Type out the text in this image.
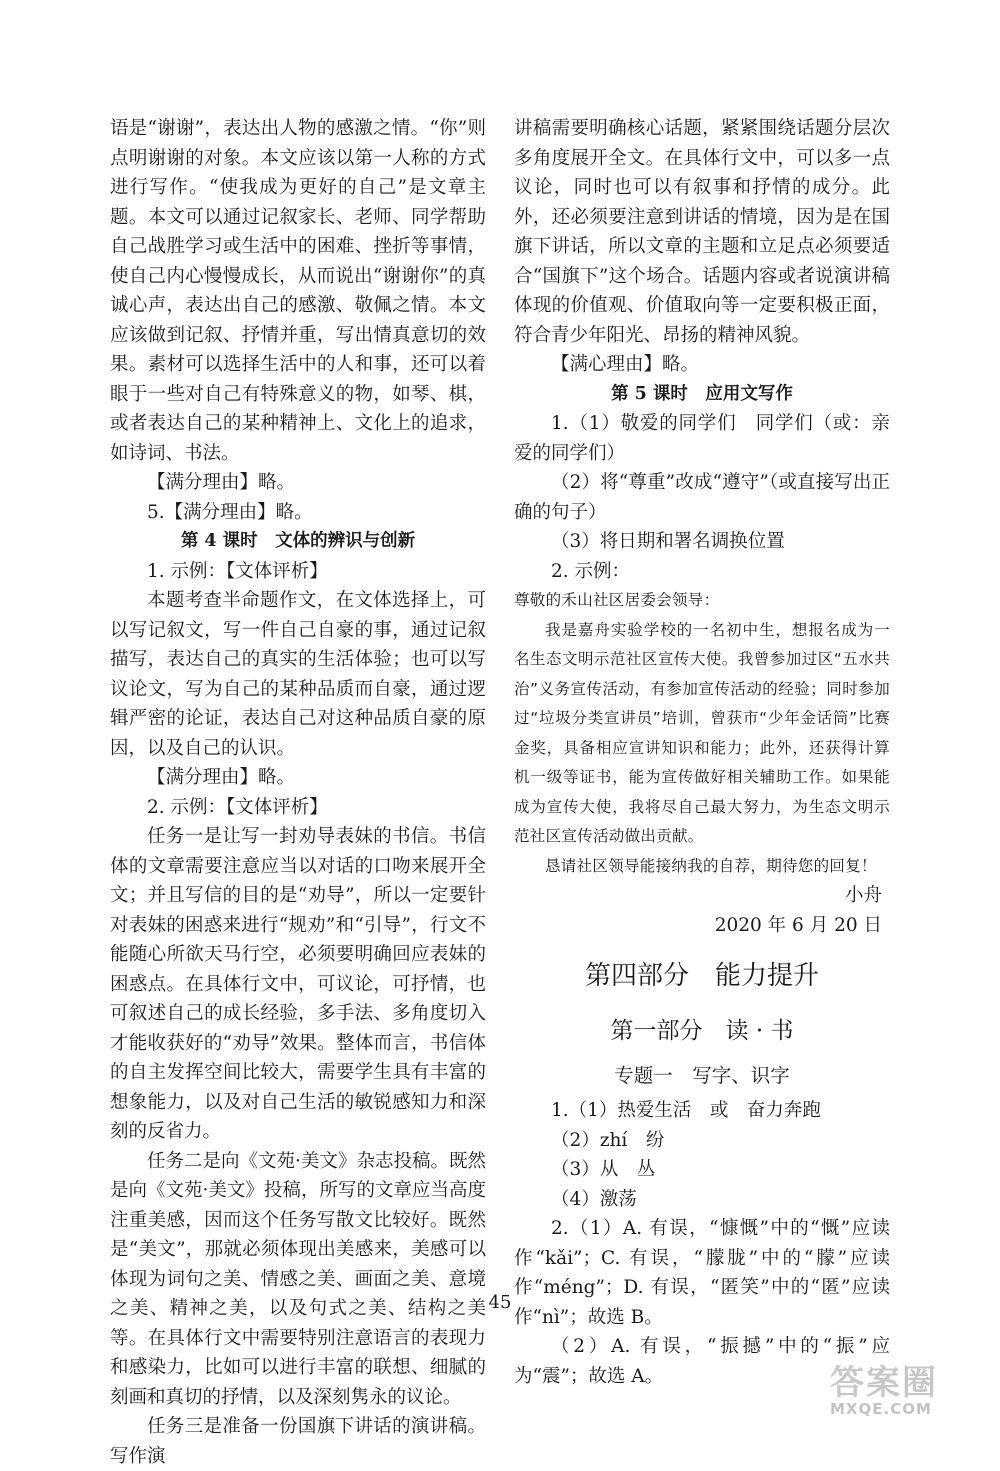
语是“谢谢”，表达出人物的感激之情。“你”则点明谢谢的对象。本文应该以第一人称的方式进行写作。“使我成为更好的自己”是文章主题。本文可以通过记叙家长、老师、同学帮助自己战胜学习或生活中的困难、挫折等事情，使自己内心慢慢成长，从而说出“谢谢你”的真诚心声，表达出自己的感激、敬佩之情。本文应该做到记叙、抒情并重，写出情真意切的效果。素材可以选择生活中的人和事，还可以着眼于一些对自己有特殊意义的物，如琴、棋，或者表达自己的某种精神上、文化上的追求，如诗词、书法。

【满分理由】略。

5.【满分理由】略。

第 4 课时　文体的辨识与创新

1. 示例：【文体评析】

本题考查半命题作文，在文体选择上，可以写记叙文，写一件自己自豪的事，通过记叙描写，表达自己的真实的生活体验；也可以写议论文，写为自己的某种品质而自豪，通过逻辑严密的论证，表达自己对这种品质自豪的原因，以及自己的认识。

【满分理由】略。

2. 示例：【文体评析】

任务一是让写一封劝导表妹的书信。书信体的文章需要注意应当以对话的口吻来展开全文；并且写信的目的是“劝导”，所以一定要针对表妹的困惑来进行“规劝”和“引导”，行文不能随心所欲天马行空，必须要明确回应表妹的困惑点。在具体行文中，可议论，可抒情，也可叙述自己的成长经验，多手法、多角度切入才能收获好的“劝导”效果。整体而言，书信体的自主发挥空间比较大，需要学生具有丰富的想象能力，以及对自己生活的敏锐感知力和深刻的反省力。

任务二是向《文苑·美文》杂志投稿。既然是向《文苑·美文》投稿，所写的文章应当高度注重美感，因而这个任务写散文比较好。既然是“美文”，那就必须体现出美感来，美感可以体现为词句之美、情感之美、画面之美、意境之美、精神之美，以及句式之美、结构之美等。在具体行文中需要特别注意语言的表现力和感染力，比如可以进行丰富的联想、细腻的刻画和真切的抒情，以及深刻隽永的议论。

任务三是准备一份国旗下讲话的演讲稿。写作演

讲稿需要明确核心话题，紧紧围绕话题分层次多角度展开全文。在具体行文中，可以多一点议论，同时也可以有叙事和抒情的成分。此外，还必须要注意到讲话的情境，因为是在国旗下讲话，所以文章的主题和立足点必须要适合“国旗下”这个场合。话题内容或者说演讲稿体现的价值观、价值取向等一定要积极正面，符合青少年阳光、昂扬的精神风貌。

【满心理由】略。

第 5 课时　应用文写作

1.（1）敬爱的同学们　同学们（或：亲爱的同学们）

（2）将“尊重”改成“遵守”（或直接写出正确的句子）

（3）将日期和署名调换位置

2. 示例：

尊敬的禾山社区居委会领导：

我是嘉舟实验学校的一名初中生，想报名成为一名生态文明示范社区宣传大使。我曾参加过区“五水共治”义务宣传活动，有参加宣传活动的经验；同时参加过“垃圾分类宣讲员”培训，曾获市“少年金话筒”比赛金奖，具备相应宣讲知识和能力；此外，还获得计算机一级等证书，能为宣传做好相关辅助工作。如果能成为宣传大使，我将尽自己最大努力，为生态文明示范社区宣传活动做出贡献。

恳请社区领导能接纳我的自荐，期待您的回复！

小舟

2020 年 6 月 20 日

第四部分　能力提升

第一部分　读 · 书

专题一　写字、识字

1.（1）热爱生活　或　奋力奔跑

（2）zhí　纷

（3）从　丛

（4）激荡

2.（1）A. 有误，“慷慨”中的“慨”应读作“kǎi”；C. 有误，“朦胧”中的“朦”应读作“méng”；D. 有误，“匿笑”中的“匿”应读作“nì”；故选 B。

（2）A. 有误，“振撼”中的“振”应为“震”；故选 A。

45
答案圈
MXQE.COM
